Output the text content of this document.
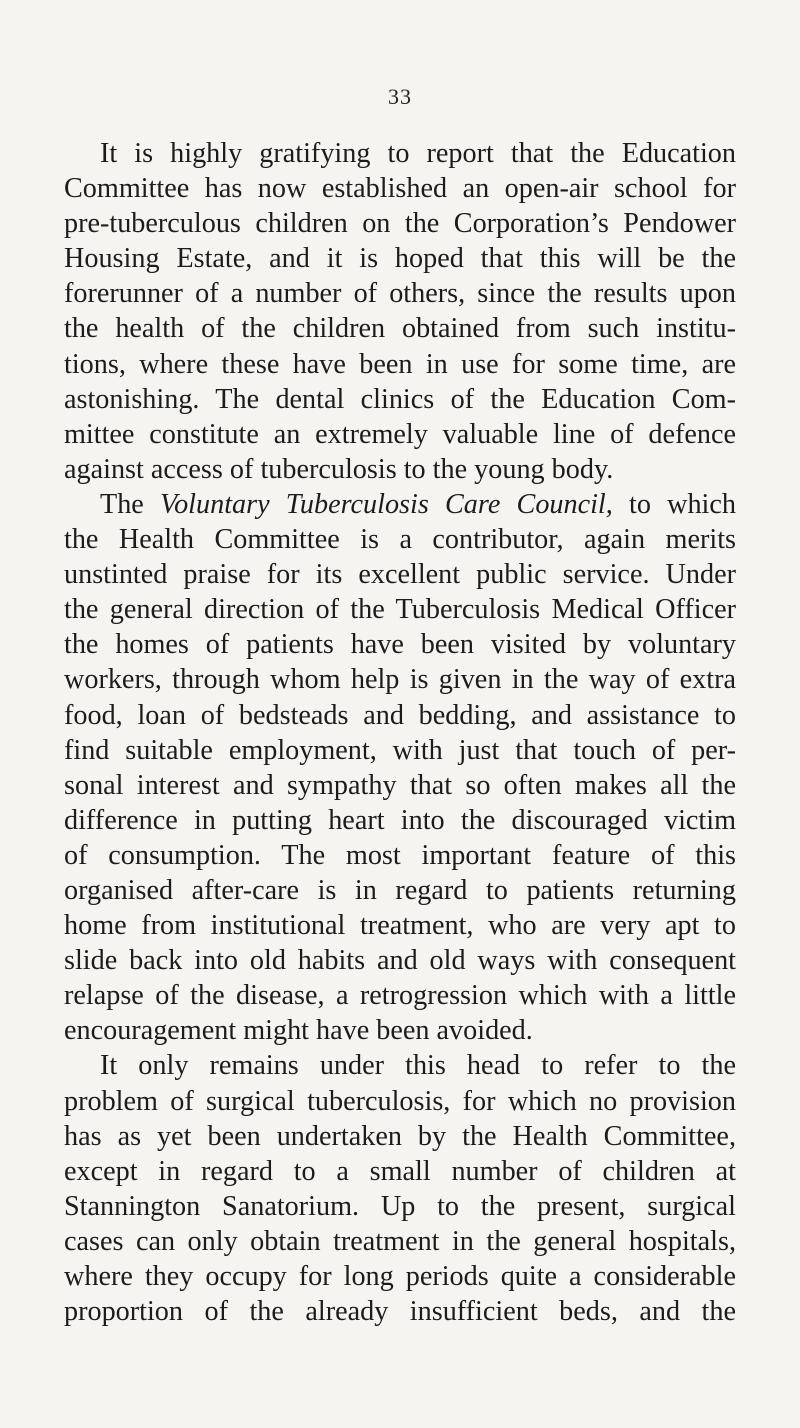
33
It is highly gratifying to report that the Education
Committee has now established an open-air school for
pre-tuberculous children on the Corporation’s Pendower
Housing Estate, and it is hoped that this will be the
forerunner of a number of others, since the results upon
the health of the children obtained from such institu-
tions, where these have been in use for some time, are
astonishing. The dental clinics of the Education Com-
mittee constitute an extremely valuable line of defence
against access of tuberculosis to the young body.
The Voluntary Tuberculosis Care Council, to which
the Health Committee is a contributor, again merits
unstinted praise for its excellent public service. Under
the general direction of the Tuberculosis Medical Officer
the homes of patients have been visited by voluntary
workers, through whom help is given in the way of extra
food, loan of bedsteads and bedding, and assistance to
find suitable employment, with just that touch of per-
sonal interest and sympathy that so often makes all the
difference in putting heart into the discouraged victim
of consumption. The most important feature of this
organised after-care is in regard to patients returning
home from institutional treatment, who are very apt to
slide back into old habits and old ways with consequent
relapse of the disease, a retrogression which with a little
encouragement might have been avoided.
It only remains under this head to refer to the
problem of surgical tuberculosis, for which no provision
has as yet been undertaken by the Health Committee,
except in regard to a small number of children at
Stannington Sanatorium. Up to the present, surgical
cases can only obtain treatment in the general hospitals,
where they occupy for long periods quite a considerable
proportion of the already insufficient beds, and the
